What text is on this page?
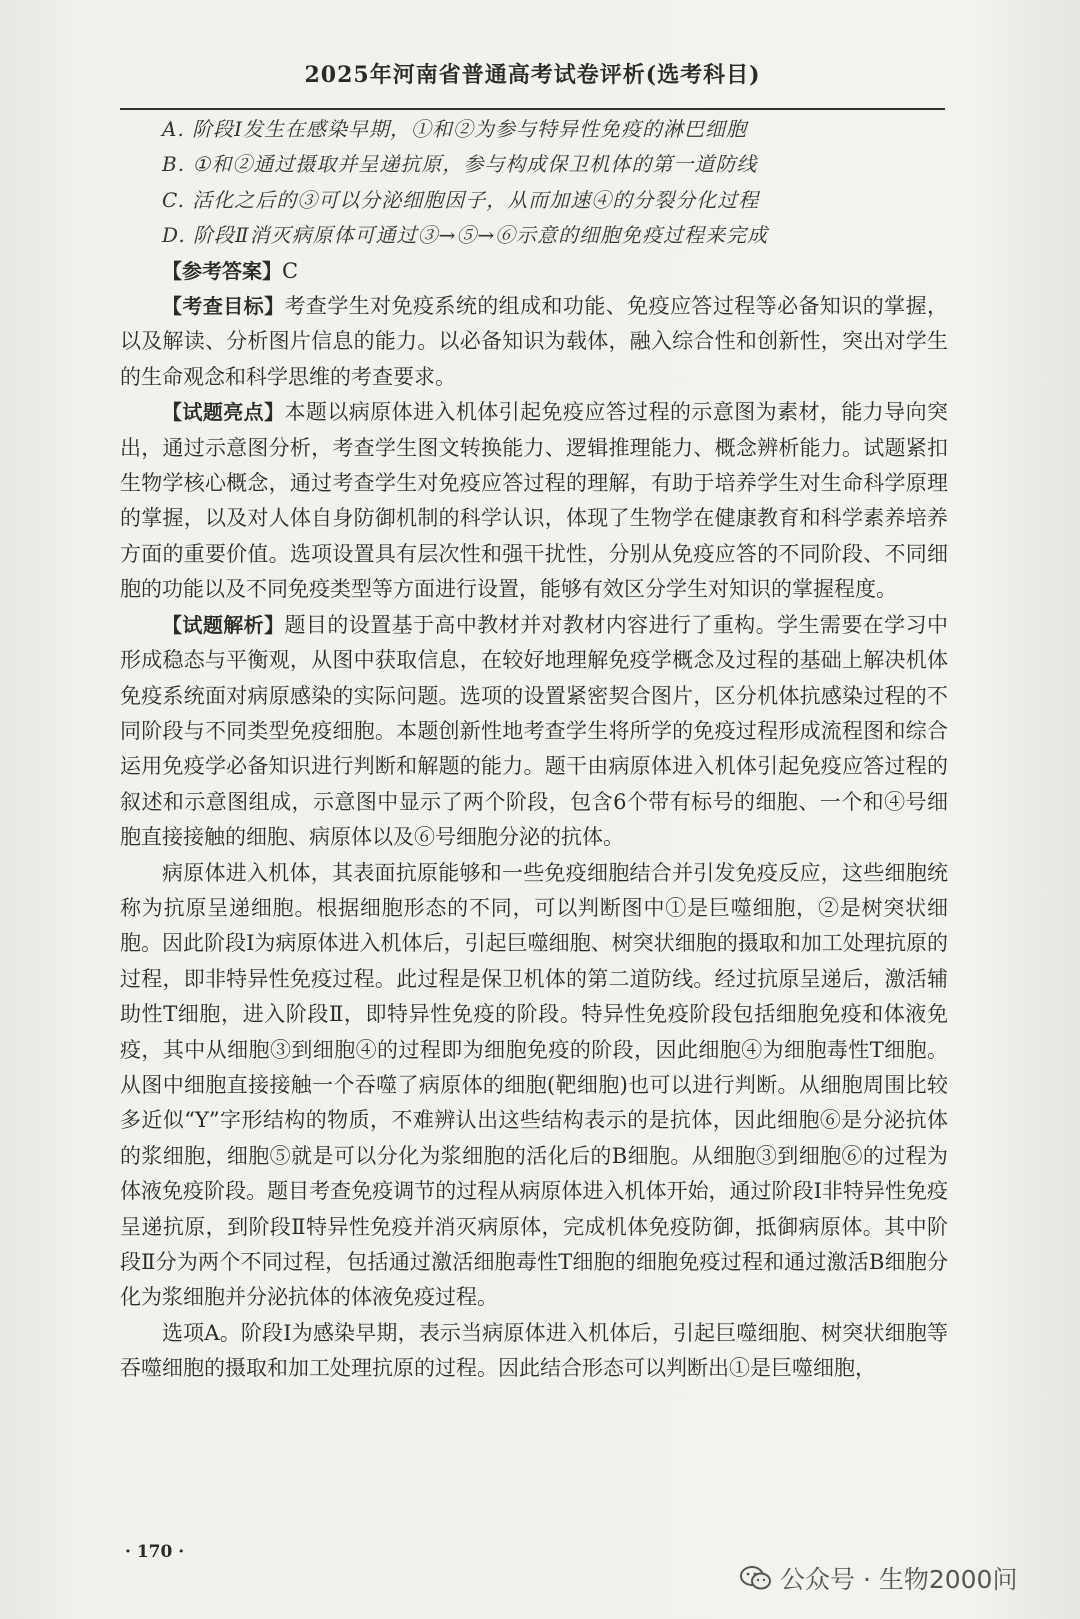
2025年河南省普通高考试卷评析(选考科目)
A. 阶段Ⅰ发生在感染早期，①和②为参与特异性免疫的淋巴细胞
B. ①和②通过摄取并呈递抗原，参与构成保卫机体的第一道防线
C. 活化之后的③可以分泌细胞因子，从而加速④的分裂分化过程
D. 阶段Ⅱ消灭病原体可通过③→⑤→⑥示意的细胞免疫过程来完成

【参考答案】C

【考查目标】考查学生对免疫系统的组成和功能、免疫应答过程等必备知识的掌握，以及解读、分析图片信息的能力。以必备知识为载体，融入综合性和创新性，突出对学生的生命观念和科学思维的考查要求。

【试题亮点】本题以病原体进入机体引起免疫应答过程的示意图为素材，能力导向突出，通过示意图分析，考查学生图文转换能力、逻辑推理能力、概念辨析能力。试题紧扣生物学核心概念，通过考查学生对免疫应答过程的理解，有助于培养学生对生命科学原理的掌握，以及对人体自身防御机制的科学认识，体现了生物学在健康教育和科学素养培养方面的重要价值。选项设置具有层次性和强干扰性，分别从免疫应答的不同阶段、不同细胞的功能以及不同免疫类型等方面进行设置，能够有效区分学生对知识的掌握程度。

【试题解析】题目的设置基于高中教材并对教材内容进行了重构。学生需要在学习中形成稳态与平衡观，从图中获取信息，在较好地理解免疫学概念及过程的基础上解决机体免疫系统面对病原感染的实际问题。选项的设置紧密契合图片，区分机体抗感染过程的不同阶段与不同类型免疫细胞。本题创新性地考查学生将所学的免疫过程形成流程图和综合运用免疫学必备知识进行判断和解题的能力。题干由病原体进入机体引起免疫应答过程的叙述和示意图组成，示意图中显示了两个阶段，包含6个带有标号的细胞、一个和④号细胞直接接触的细胞、病原体以及⑥号细胞分泌的抗体。

病原体进入机体，其表面抗原能够和一些免疫细胞结合并引发免疫反应，这些细胞统称为抗原呈递细胞。根据细胞形态的不同，可以判断图中①是巨噬细胞，②是树突状细胞。因此阶段Ⅰ为病原体进入机体后，引起巨噬细胞、树突状细胞的摄取和加工处理抗原的过程，即非特异性免疫过程。此过程是保卫机体的第二道防线。经过抗原呈递后，激活辅助性T细胞，进入阶段Ⅱ，即特异性免疫的阶段。特异性免疫阶段包括细胞免疫和体液免疫，其中从细胞③到细胞④的过程即为细胞免疫的阶段，因此细胞④为细胞毒性T细胞。从图中细胞直接接触一个吞噬了病原体的细胞(靶细胞)也可以进行判断。从细胞周围比较多近似“Y”字形结构的物质，不难辨认出这些结构表示的是抗体，因此细胞⑥是分泌抗体的浆细胞，细胞⑤就是可以分化为浆细胞的活化后的B细胞。从细胞③到细胞⑥的过程为体液免疫阶段。题目考查免疫调节的过程从病原体进入机体开始，通过阶段Ⅰ非特异性免疫呈递抗原，到阶段Ⅱ特异性免疫并消灭病原体，完成机体免疫防御，抵御病原体。其中阶段Ⅱ分为两个不同过程，包括通过激活细胞毒性T细胞的细胞免疫过程和通过激活B细胞分化为浆细胞并分泌抗体的体液免疫过程。

选项A。阶段Ⅰ为感染早期，表示当病原体进入机体后，引起巨噬细胞、树突状细胞等吞噬细胞的摄取和加工处理抗原的过程。因此结合形态可以判断出①是巨噬细胞，

· 170 ·
公众号 · 生物2000问
